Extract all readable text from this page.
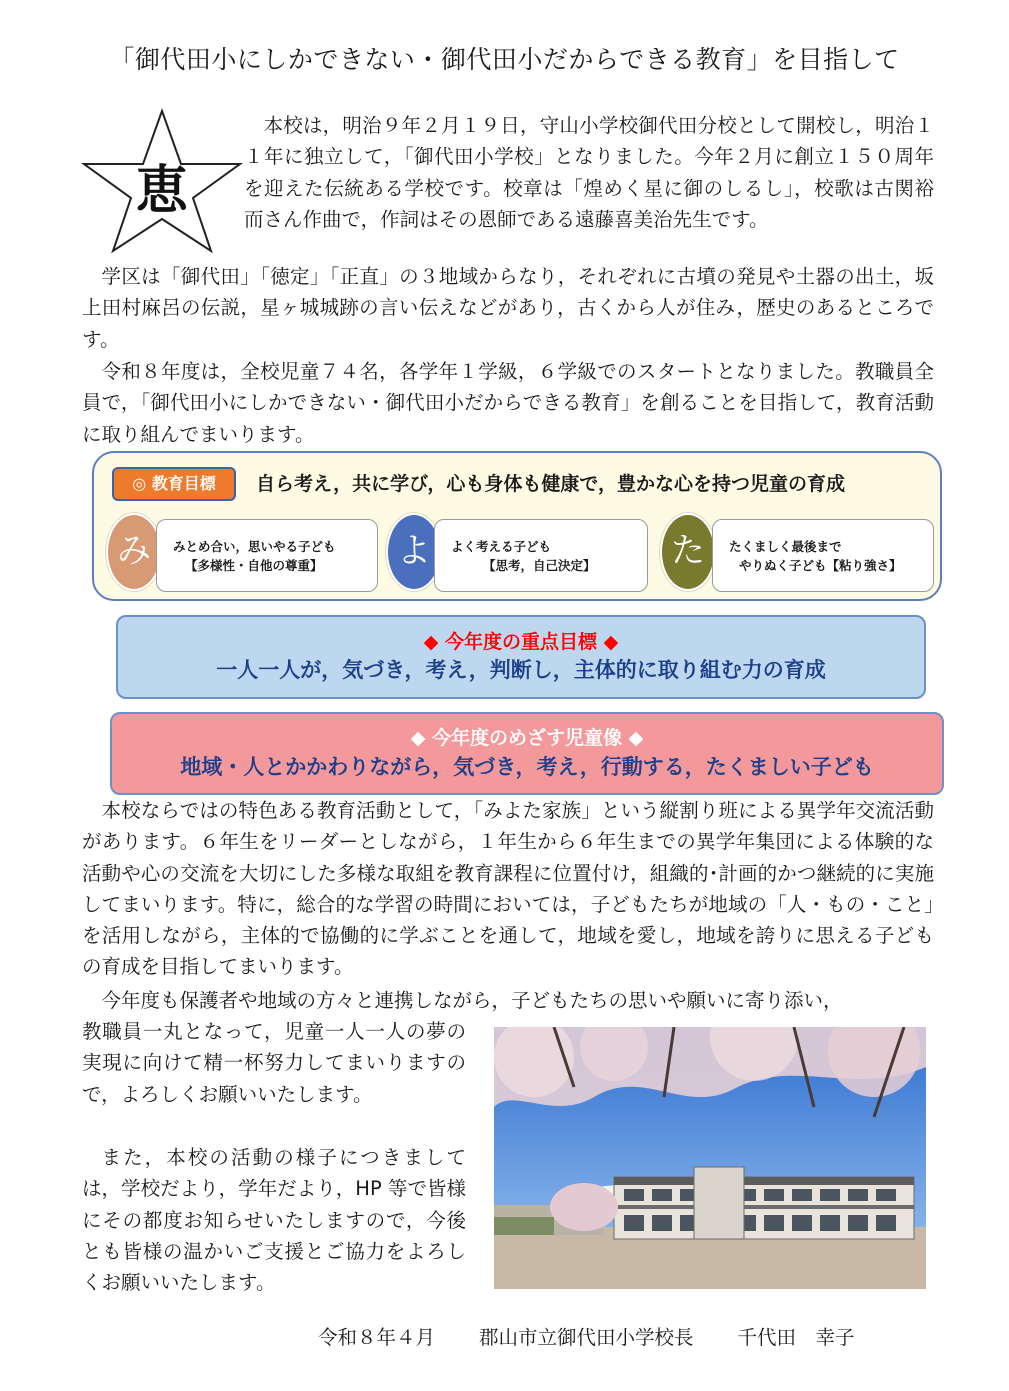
「御代田小にしかできない・御代田小だからできる教育」を目指して
恵

本校は，明治９年２月１９日，守山小学校御代田分校として開校し，明治１１年に独立して，「御代田小学校」となりました。今年２月に創立１５０周年を迎えた伝統ある学校です。校章は「煌めく星に御のしるし」，校歌は古関裕而さん作曲で，作詞はその恩師である遠藤喜美治先生です。

学区は「御代田」「徳定」「正直」の３地域からなり，それぞれに古墳の発見や土器の出土，坂上田村麻呂の伝説，星ヶ城城跡の言い伝えなどがあり，古くから人が住み，歴史のあるところです。

令和８年度は，全校児童７４名，各学年１学級，６学級でのスタートとなりました。教職員全員で，「御代田小にしかできない・御代田小だからできる教育」を創ることを目指して，教育活動に取り組んでまいります。

◎ 教育目標	自ら考え，共に学び，心も身体も健康で，豊かな心を持つ児童の育成
み	みとめ合い，思いやる子ども
【多様性・自他の尊重】	よ	よく考える子ども
【思考，自己決定】	た	たくましく最後まで
やりぬく子ども【粘り強さ】
◆ 今年度の重点目標 ◆
一人一人が，気づき，考え，判断し，主体的に取り組む力の育成
◆ 今年度のめざす児童像 ◆
地域・人とかかわりながら，気づき，考え，行動する，たくましい子ども

本校ならではの特色ある教育活動として，「みよた家族」という縦割り班による異学年交流活動があります。６年生をリーダーとしながら，１年生から６年生までの異学年集団による体験的な活動や心の交流を大切にした多様な取組を教育課程に位置付け，組織的･計画的かつ継続的に実施してまいります。特に，総合的な学習の時間においては，子どもたちが地域の「人・もの・こと」を活用しながら，主体的で協働的に学ぶことを通して，地域を愛し，地域を誇りに思える子どもの育成を目指してまいります。

今年度も保護者や地域の方々と連携しながら，子どもたちの思いや願いに寄り添い，

教職員一丸となって，児童一人一人の夢の実現に向けて精一杯努力してまいりますので，よろしくお願いいたします。

また，本校の活動の様子につきましては，学校だより，学年だより，HP 等で皆様にその都度お知らせいたしますので，今後とも皆様の温かいご支援とご協力をよろしくお願いいたします。

令和８年４月 郡山市立御代田小学校長 千代田　幸子
